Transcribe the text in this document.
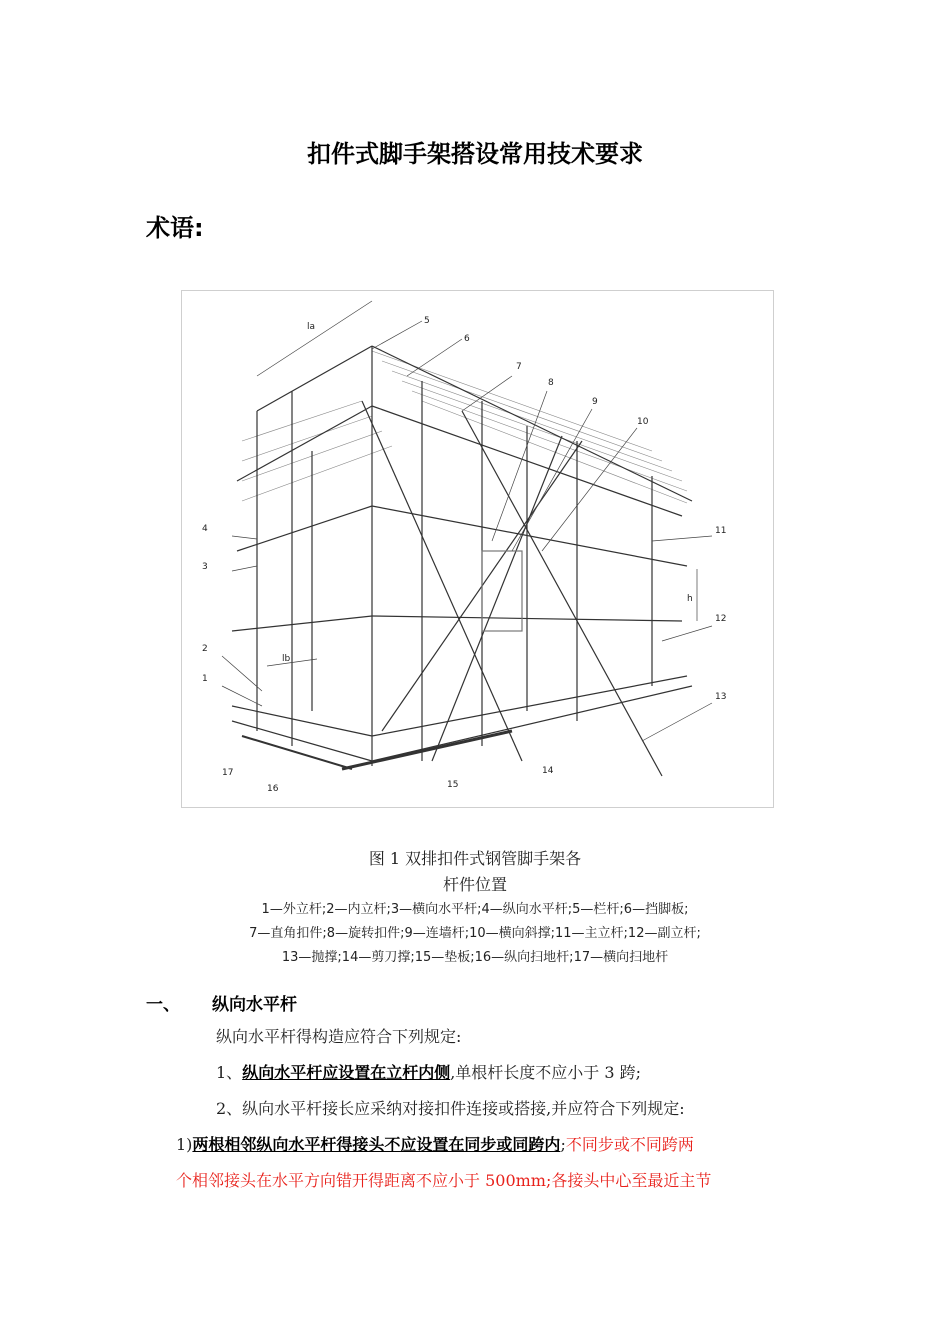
扣件式脚手架搭设常用技术要求
术语:
5
6
7
8
9
10
11
12
13
14
15
16
17
4
3
2
1
la
lb
h
图 1 双排扣件式钢管脚手架各
杆件位置
1—外立杆;2—内立杆;3—横向水平杆;4—纵向水平杆;5—栏杆;6—挡脚板;
7—直角扣件;8—旋转扣件;9—连墙杆;10—横向斜撑;11—主立杆;12—副立杆;
13—抛撑;14—剪刀撑;15—垫板;16—纵向扫地杆;17—横向扫地杆
一、 纵向水平杆
纵向水平杆得构造应符合下列规定:
1、纵向水平杆应设置在立杆内侧,单根杆长度不应小于 3 跨;
2、纵向水平杆接长应采纳对接扣件连接或搭接,并应符合下列规定:
1)两根相邻纵向水平杆得接头不应设置在同步或同跨内;不同步或不同跨两
个相邻接头在水平方向错开得距离不应小于 500mm;各接头中心至最近主节
